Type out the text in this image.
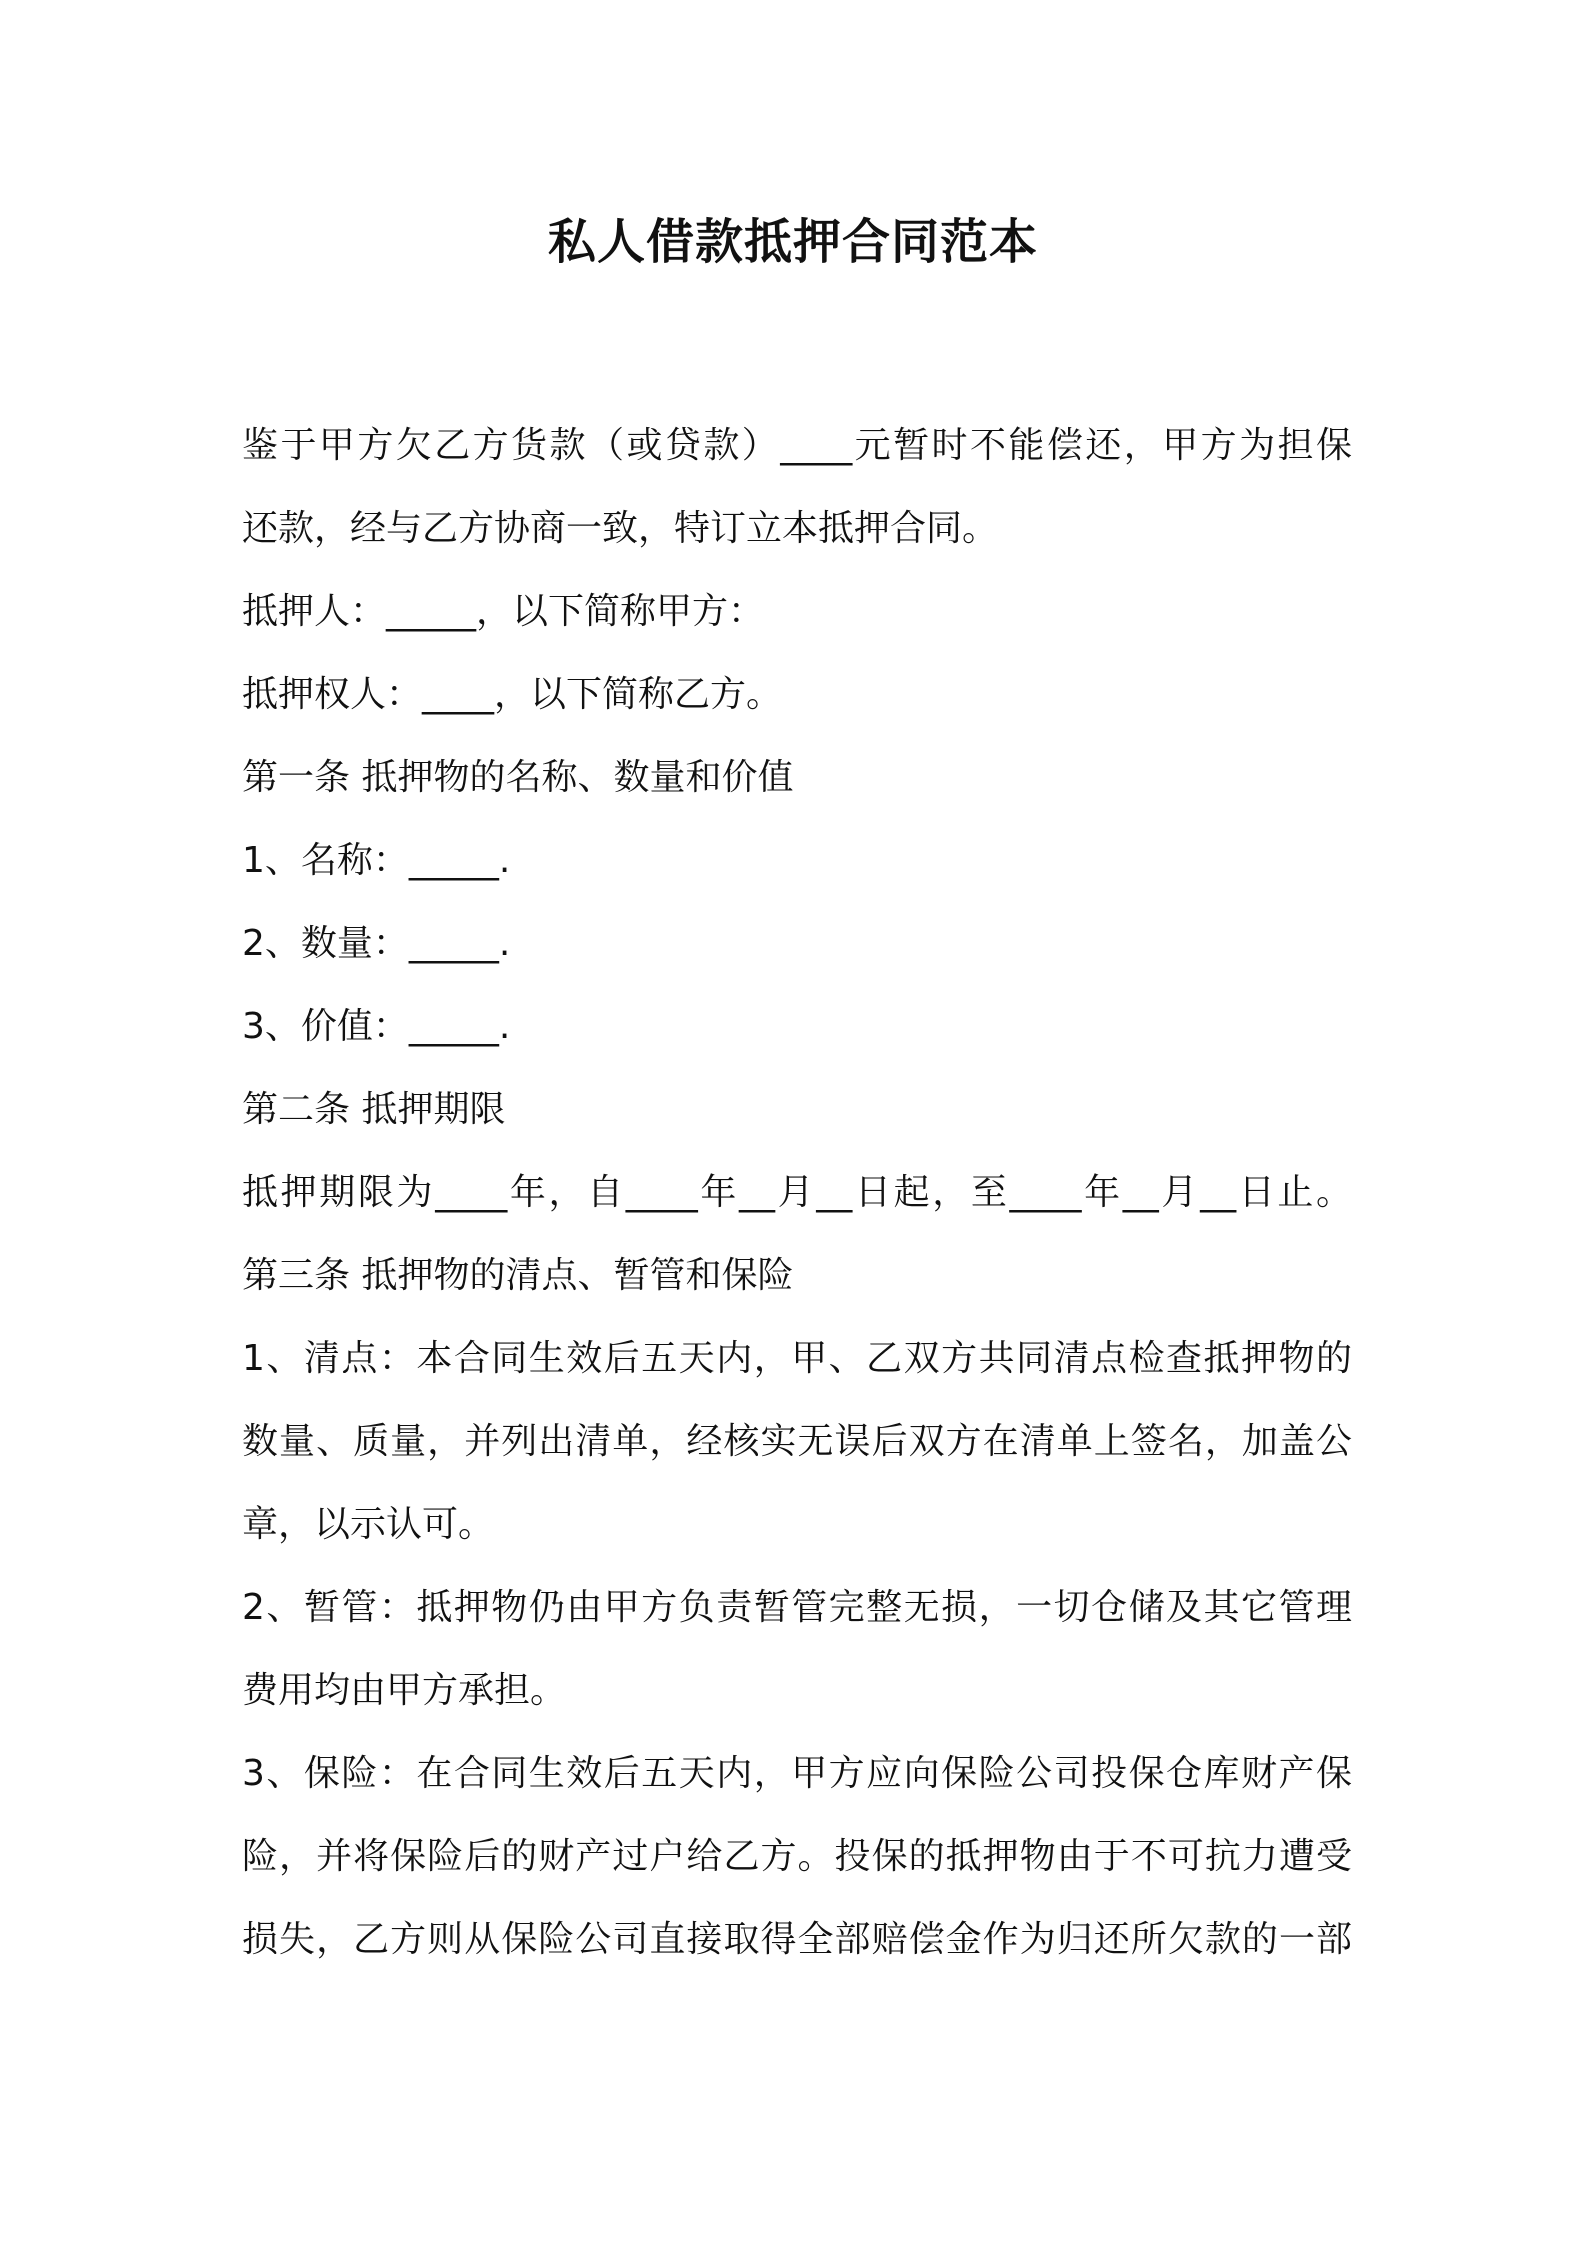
私人借款抵押合同范本
鉴于甲方欠乙方货款（或贷款）____元暂时不能偿还，甲方为担保
还款，经与乙方协商一致，特订立本抵押合同。
抵押人：_____，以下简称甲方：
抵押权人：____，以下简称乙方。
第一条 抵押物的名称、数量和价值
1、名称：_____.
2、数量：_____.
3、价值：_____.
第二条 抵押期限
抵押期限为____年，自____年__月__日起，至____年__月__日止。
第三条 抵押物的清点、暂管和保险
1、清点：本合同生效后五天内，甲、乙双方共同清点检查抵押物的
数量、质量，并列出清单，经核实无误后双方在清单上签名，加盖公
章，以示认可。
2、暂管：抵押物仍由甲方负责暂管完整无损，一切仓储及其它管理
费用均由甲方承担。
3、保险：在合同生效后五天内，甲方应向保险公司投保仓库财产保
险，并将保险后的财产过户给乙方。投保的抵押物由于不可抗力遭受
损失，乙方则从保险公司直接取得全部赔偿金作为归还所欠款的一部
